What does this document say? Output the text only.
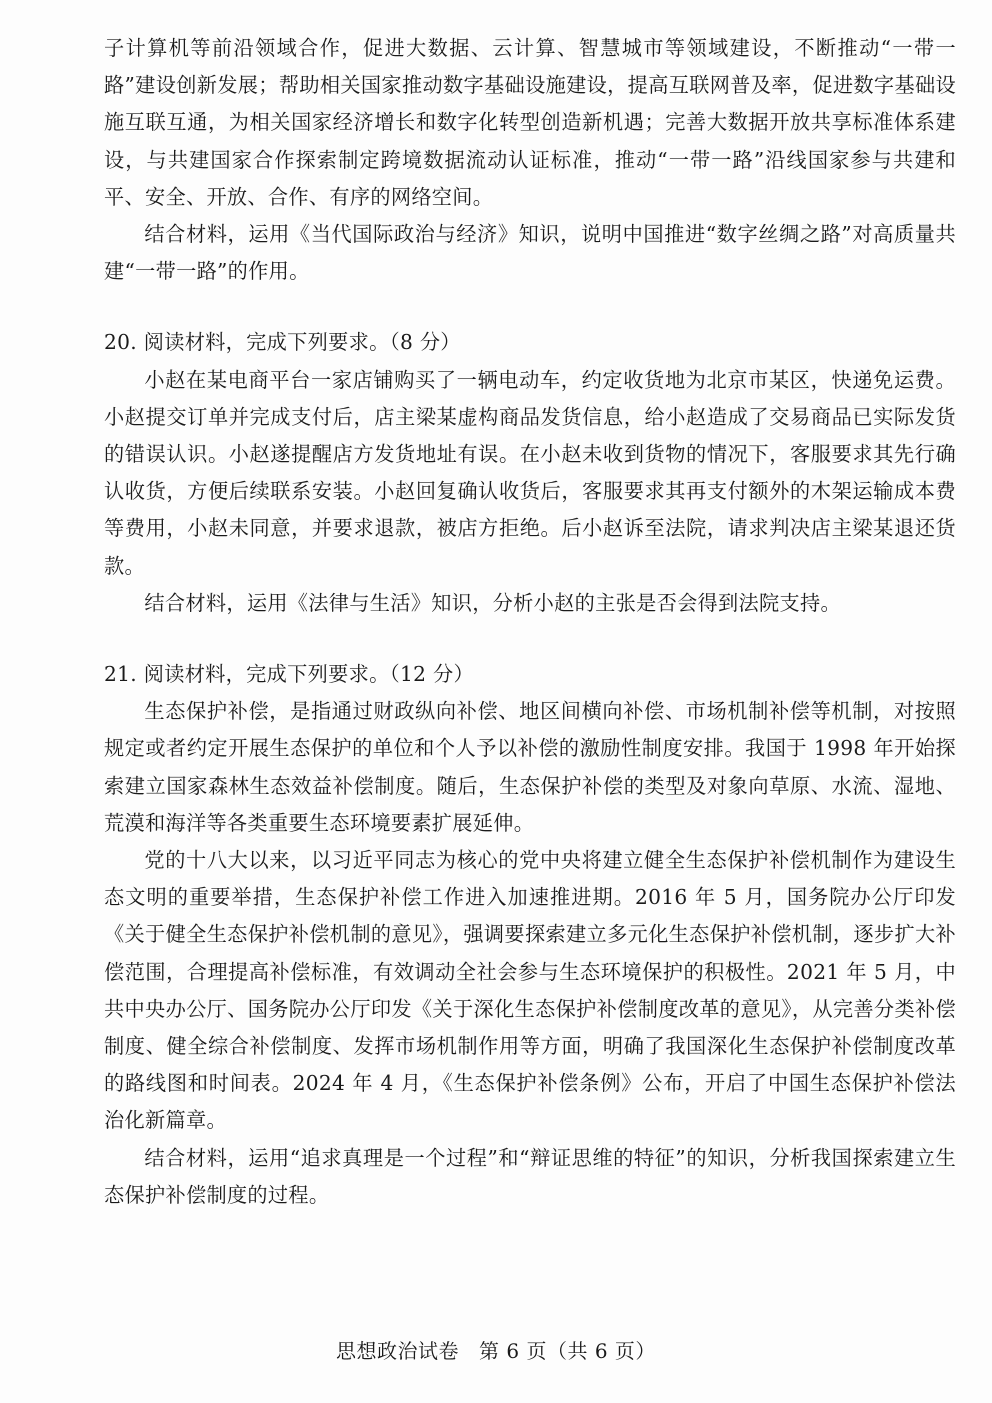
子计算机等前沿领域合作，促进大数据、云计算、智慧城市等领域建设，不断推动“一带一路”建设创新发展；帮助相关国家推动数字基础设施建设，提高互联网普及率，促进数字基础设施互联互通，为相关国家经济增长和数字化转型创造新机遇；完善大数据开放共享标准体系建设，与共建国家合作探索制定跨境数据流动认证标准，推动“一带一路”沿线国家参与共建和平、安全、开放、合作、有序的网络空间。

结合材料，运用《当代国际政治与经济》知识，说明中国推进“数字丝绸之路”对高质量共建“一带一路”的作用。

20. 阅读材料，完成下列要求。（8 分）

小赵在某电商平台一家店铺购买了一辆电动车，约定收货地为北京市某区，快递免运费。小赵提交订单并完成支付后，店主梁某虚构商品发货信息，给小赵造成了交易商品已实际发货的错误认识。小赵遂提醒店方发货地址有误。在小赵未收到货物的情况下，客服要求其先行确认收货，方便后续联系安装。小赵回复确认收货后，客服要求其再支付额外的木架运输成本费等费用，小赵未同意，并要求退款，被店方拒绝。后小赵诉至法院，请求判决店主梁某退还货款。

结合材料，运用《法律与生活》知识，分析小赵的主张是否会得到法院支持。

21. 阅读材料，完成下列要求。（12 分）

生态保护补偿，是指通过财政纵向补偿、地区间横向补偿、市场机制补偿等机制，对按照规定或者约定开展生态保护的单位和个人予以补偿的激励性制度安排。我国于 1998 年开始探索建立国家森林生态效益补偿制度。随后，生态保护补偿的类型及对象向草原、水流、湿地、荒漠和海洋等各类重要生态环境要素扩展延伸。

党的十八大以来，以习近平同志为核心的党中央将建立健全生态保护补偿机制作为建设生态文明的重要举措，生态保护补偿工作进入加速推进期。2016 年 5 月，国务院办公厅印发《关于健全生态保护补偿机制的意见》，强调要探索建立多元化生态保护补偿机制，逐步扩大补偿范围，合理提高补偿标准，有效调动全社会参与生态环境保护的积极性。2021 年 5 月，中共中央办公厅、国务院办公厅印发《关于深化生态保护补偿制度改革的意见》，从完善分类补偿制度、健全综合补偿制度、发挥市场机制作用等方面，明确了我国深化生态保护补偿制度改革的路线图和时间表。2024 年 4 月，《生态保护补偿条例》公布，开启了中国生态保护补偿法治化新篇章。

结合材料，运用“追求真理是一个过程”和“辩证思维的特征”的知识，分析我国探索建立生态保护补偿制度的过程。

思想政治试卷 第 6 页（共 6 页）
